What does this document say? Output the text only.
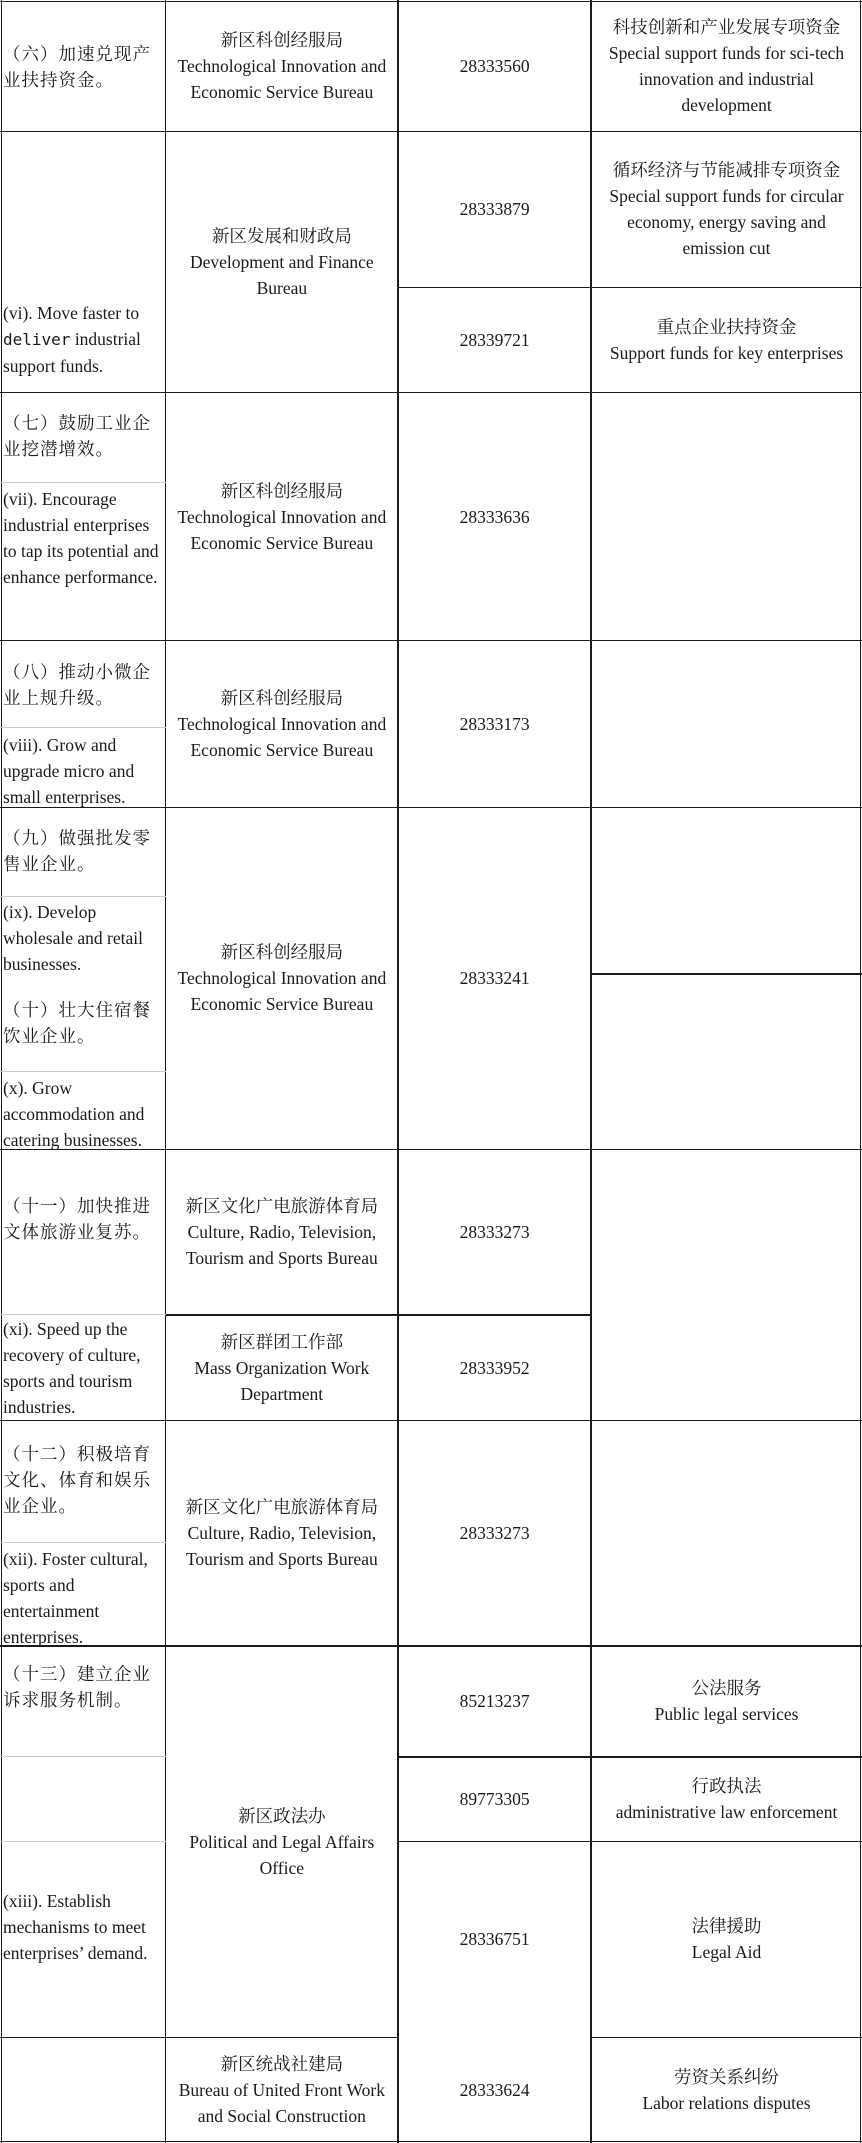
（六）加速兑现产业扶持资金。
(vi). Move faster to
deliver industrial support funds.
新区科创经服局
Technological Innovation and Economic Service Bureau
28333560
科技创新和产业发展专项资金
Special support funds for sci-tech innovation and industrial development
新区发展和财政局
Development and Finance Bureau
28333879
循环经济与节能减排专项资金
Special support funds for circular economy, energy saving and emission cut
28339721
重点企业扶持资金
Support funds for key enterprises
（七）鼓励工业企业挖潜增效。
(vii). Encourage industrial enterprises to tap its potential and enhance performance.
新区科创经服局
Technological Innovation and Economic Service Bureau
28333636
（八）推动小微企业上规升级。
(viii). Grow and upgrade micro and small enterprises.
新区科创经服局
Technological Innovation and Economic Service Bureau
28333173
（九）做强批发零售业企业。
(ix). Develop wholesale and retail businesses.
（十）壮大住宿餐饮业企业。
(x). Grow accommodation and catering businesses.
新区科创经服局
Technological Innovation and Economic Service Bureau
28333241
（十一）加快推进文体旅游业复苏。
(xi). Speed up the recovery of culture, sports and tourism industries.
新区文化广电旅游体育局
Culture, Radio, Television, Tourism and Sports Bureau
28333273
新区群团工作部
Mass Organization Work Department
28333952
（十二）积极培育文化、体育和娱乐业企业。
(xii). Foster cultural, sports and entertainment enterprises.
新区文化广电旅游体育局
Culture, Radio, Television, Tourism and Sports Bureau
28333273
（十三）建立企业诉求服务机制。
(xiii). Establish mechanisms to meet enterprises’ demand.
新区政法办
Political and Legal Affairs Office
85213237
公法服务
Public legal services
89773305
行政执法
administrative law enforcement
28336751
法律援助
Legal Aid
新区统战社建局
Bureau of United Front Work and Social Construction
28333624
劳资关系纠纷
Labor relations disputes
